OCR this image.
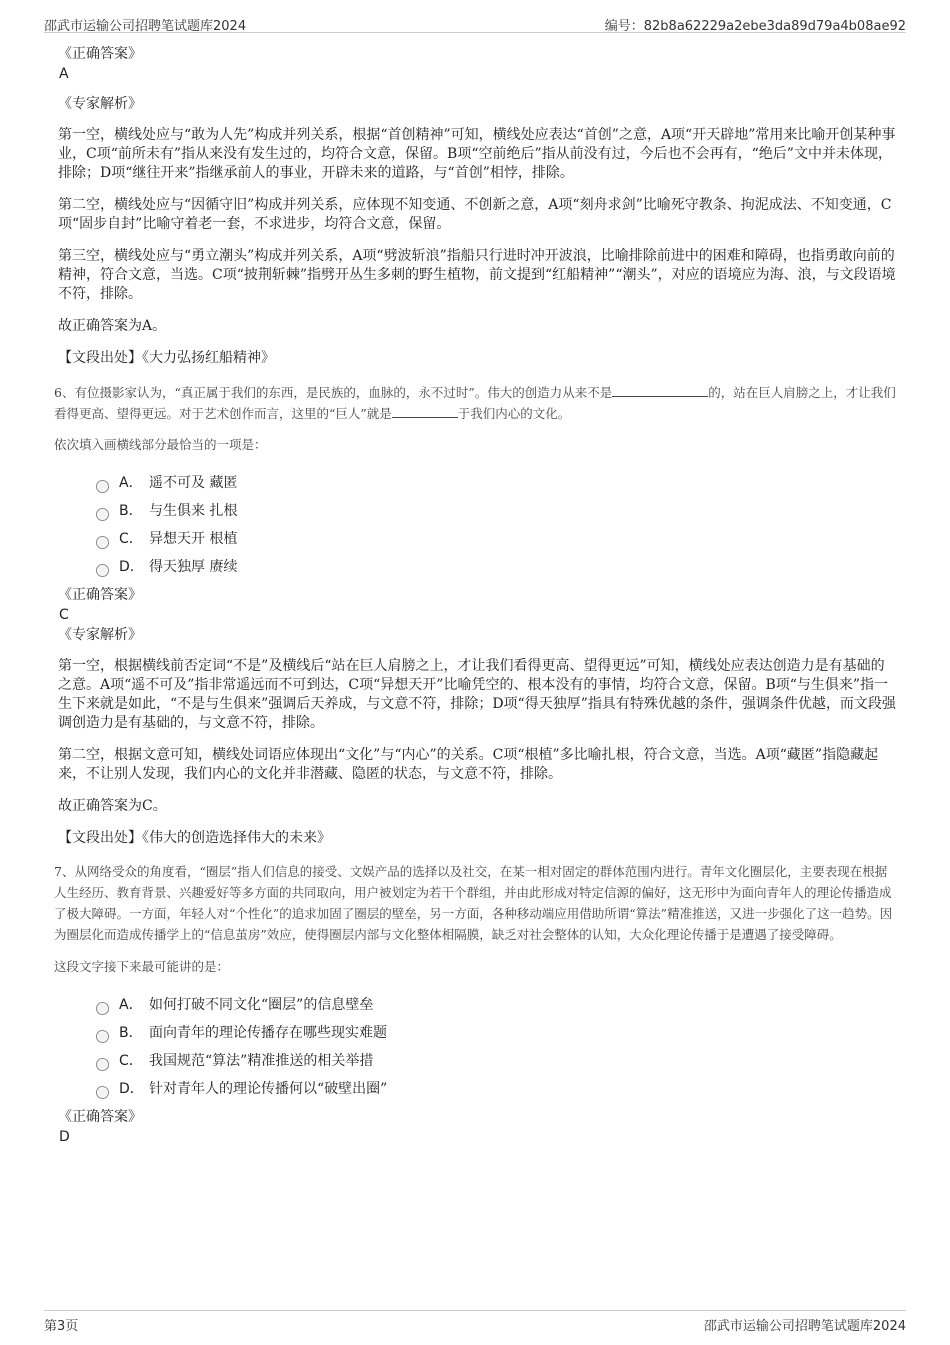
邵武市运输公司招聘笔试题库2024	编号：82b8a62229a2ebe3da89d79a4b08ae92

《正确答案》

A

《专家解析》

第一空，横线处应与“敢为人先”构成并列关系，根据“首创精神”可知，横线处应表达“首创”之意，A项“开天辟地”常用来比喻开创某种事业，C项“前所未有”指从来没有发生过的，均符合文意，保留。B项“空前绝后”指从前没有过，今后也不会再有，“绝后”文中并未体现，排除；D项“继往开来”指继承前人的事业，开辟未来的道路，与“首创”相悖，排除。

第二空，横线处应与“因循守旧”构成并列关系，应体现不知变通、不创新之意，A项“刻舟求剑”比喻死守教条、拘泥成法、不知变通，C项“固步自封”比喻守着老一套，不求进步，均符合文意，保留。

第三空，横线处应与“勇立潮头”构成并列关系，A项“劈波斩浪”指船只行进时冲开波浪，比喻排除前进中的困难和障碍，也指勇敢向前的精神，符合文意，当选。C项“披荆斩棘”指劈开丛生多刺的野生植物，前文提到“红船精神”“潮头”，对应的语境应为海、浪，与文段语境不符，排除。

故正确答案为A。

【文段出处】《大力弘扬红船精神》

6、有位摄影家认为，“真正属于我们的东西，是民族的，血脉的，永不过时”。伟大的创造力从来不是	的，站在巨人肩膀之上，才让我们看得更高、望得更远。对于艺术创作而言，这里的“巨人”就是	于我们内心的文化。

依次填入画横线部分最恰当的一项是：

A． 遥不可及 藏匿
B． 与生俱来 扎根
C． 异想天开 根植
D． 得天独厚 赓续

《正确答案》

C

《专家解析》

第一空，根据横线前否定词“不是”及横线后“站在巨人肩膀之上，才让我们看得更高、望得更远”可知，横线处应表达创造力是有基础的之意。A项“遥不可及”指非常遥远而不可到达，C项“异想天开”比喻凭空的、根本没有的事情，均符合文意，保留。B项“与生俱来”指一生下来就是如此，“不是与生俱来”强调后天养成，与文意不符，排除；D项“得天独厚”指具有特殊优越的条件，强调条件优越，而文段强调创造力是有基础的，与文意不符，排除。

第二空，根据文意可知，横线处词语应体现出“文化”与“内心”的关系。C项“根植”多比喻扎根，符合文意，当选。A项“藏匿”指隐藏起来，不让别人发现，我们内心的文化并非潜藏、隐匿的状态，与文意不符，排除。

故正确答案为C。

【文段出处】《伟大的创造选择伟大的未来》

7、从网络受众的角度看，“圈层”指人们信息的接受、文娱产品的选择以及社交，在某一相对固定的群体范围内进行。青年文化圈层化，主要表现在根据人生经历、教育背景、兴趣爱好等多方面的共同取向，用户被划定为若干个群组，并由此形成对特定信源的偏好，这无形中为面向青年人的理论传播造成了极大障碍。一方面，年轻人对“个性化”的追求加固了圈层的壁垒，另一方面，各种移动端应用借助所谓“算法”精准推送，又进一步强化了这一趋势。因为圈层化而造成传播学上的“信息茧房”效应，使得圈层内部与文化整体相隔膜，缺乏对社会整体的认知，大众化理论传播于是遭遇了接受障碍。

这段文字接下来最可能讲的是：

A． 如何打破不同文化“圈层”的信息壁垒
B． 面向青年的理论传播存在哪些现实难题
C． 我国规范“算法”精准推送的相关举措
D． 针对青年人的理论传播何以“破壁出圈”

《正确答案》

D

第3页	邵武市运输公司招聘笔试题库2024
